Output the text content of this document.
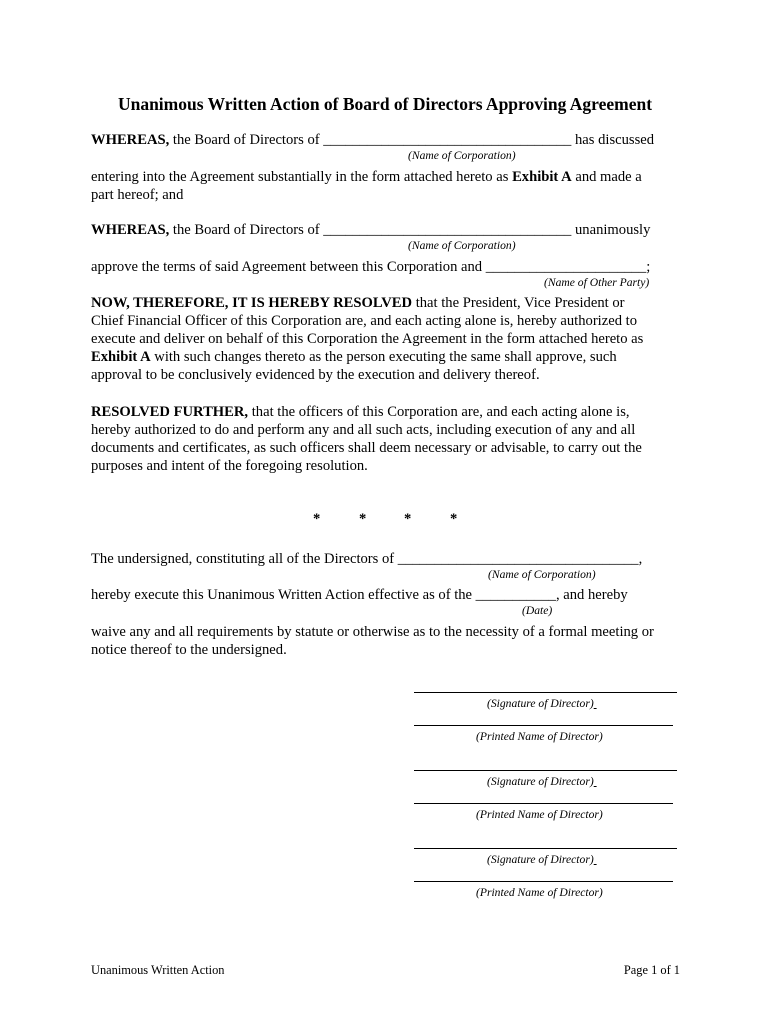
Unanimous Written Action of Board of Directors Approving Agreement
WHEREAS, the Board of Directors of __________________________________ has discussed
(Name of Corporation)
entering into the Agreement substantially in the form attached hereto as Exhibit A and made a
part hereof; and
WHEREAS, the Board of Directors of __________________________________ unanimously
(Name of Corporation)
approve the terms of said Agreement between this Corporation and ______________________;
(Name of Other Party)
NOW, THEREFORE, IT IS HEREBY RESOLVED that the President, Vice President or
Chief Financial Officer of this Corporation are, and each acting alone is, hereby authorized to
execute and deliver on behalf of this Corporation the Agreement in the form attached hereto as
Exhibit A with such changes thereto as the person executing the same shall approve, such
approval to be conclusively evidenced by the execution and delivery thereof.
RESOLVED FURTHER, that the officers of this Corporation are, and each acting alone is,
hereby authorized to do and perform any and all such acts, including execution of any and all
documents and certificates, as such officers shall deem necessary or advisable, to carry out the
purposes and intent of the foregoing resolution.
*	*	*	*
The undersigned, constituting all of the Directors of _________________________________,
(Name of Corporation)
hereby execute this Unanimous Written Action effective as of the ___________, and hereby
(Date)
waive any and all requirements by statute or otherwise as to the necessity of a formal meeting or
notice thereof to the undersigned.
(Signature of Director)
(Printed Name of Director)
(Signature of Director)
(Printed Name of Director)
(Signature of Director)
(Printed Name of Director)
Unanimous Written Action	Page 1 of 1
